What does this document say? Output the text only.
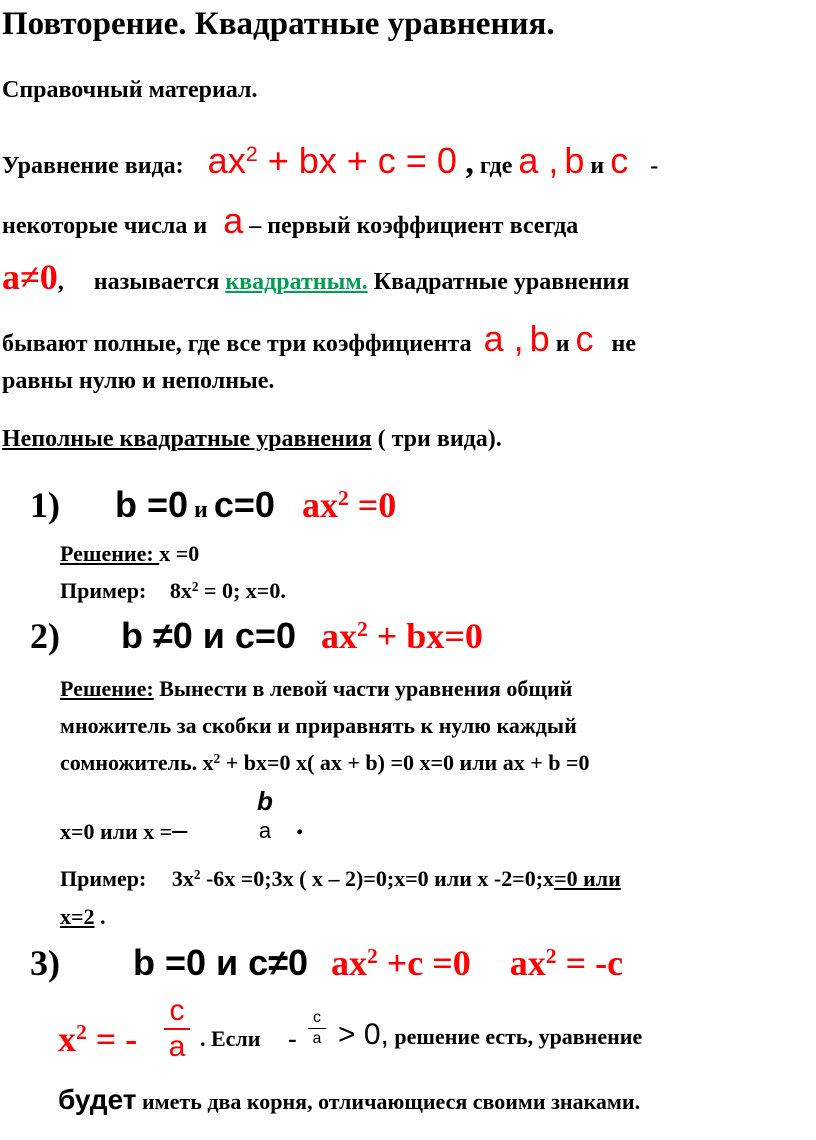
Повторение. Квадратные уравнения.
Справочный материал.
Уравнение вида: $ax^2$ + bx + c = 0 , где a , b и c -
некоторые числа и a – первый коэффициент всегда
a≠0, называется квадратным. Квадратные уравнения
бывают полные, где все три коэффициента a , b и c не
равны нулю и неполные.
Неполные квадратные уравнения ( три вида).
1) b =0 и c=0 $ax^2 =0$
Решение: x =0
Пример: $8x^2 = 0$; x=0.
2) b ≠0 и c=0 $ax^2 + bx=0$
Решение: Вынести в левой части уравнения общий
множитель за скобки и приравнять к нулю каждый
сомножитель. $x^2 + bx=0$ x( ax + b) =0 x=0 или ax + b =0
x=0 или x =–
b
a .
Пример: $3x^2$ -6x =0;3x ( x – 2)=0;x=0 или x -2=0;x=0 или
x=2 .
3) b =0 и c≠0 $ax^2 +c =0$ $ax^2 = -c$
$x^2$ = -
c
a . Если -
c
a > 0, решение есть, уравнение
будет иметь два корня, отличающиеся своими знаками.
